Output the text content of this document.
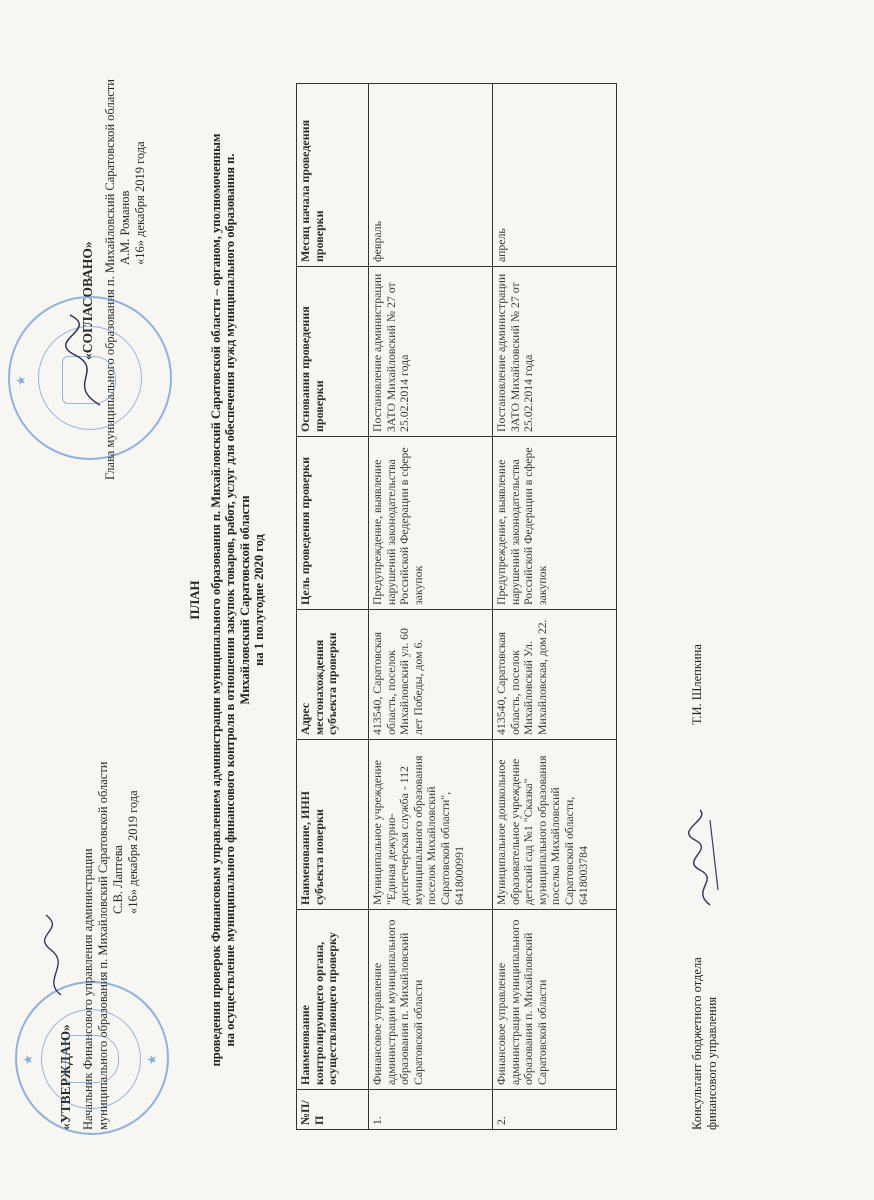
«УТВЕРЖДАЮ» Начальник Финансового управления администрации муниципального образования п. Михайловский Саратовской области С.В. Лаптева «16» декабря 2019 года
★	★
«СОГЛАСОВАНО» Глава муниципального образования п. Михайловский Саратовской области А.М. Романов «16» декабря 2019 года
★
ПЛАН проведения проверок Финансовым управлением администрации муниципального образования п. Михайловский Саратовской области – органом, уполномоченным на осуществление муниципального финансового контроля в отношении закупок товаров, работ, услуг для обеспечения нужд муниципального образования п. Михайловский Саратовской области на 1 полугодие 2020 год
№П/П	Наименование контролирующего органа, осуществляющего проверку	Наименование, ИНН субъекта поверки	Адрес местонахождения субъекта проверки	Цель проведения проверки	Основания проведения проверки	Месяц начала проведения проверки
1.	Финансовое управление администрации муниципального образования п. Михайловский Саратовской области	Муниципальное учреждение "Единая дежурно-диспетчерская служба - 112 муниципального образования поселок Михайловский Саратовской области", 6418000991	413540, Саратовская область, поселок Михайловский ул. 60 лет Победы, дом 6.	Предупреждение, выявление нарушений законодательства Российской Федерации в сфере закупок	Постановление администрации ЗАТО Михайловский № 27 от 25.02.2014 года	февраль
2.	Финансовое управление администрации муниципального образования п. Михайловский Саратовской области	Муниципальное дошкольное образовательное учреждение детский сад №1 "Сказка" муниципального образования поселка Михайловский Саратовской области, 6418003784	413540, Саратовская область, поселок Михайловский Ул. Михайловская, дом 22.	Предупреждение, выявление нарушений законодательства Российской Федерации в сфере закупок	Постановление администрации ЗАТО Михайловский № 27 от 25.02.2014 года	апрель
Консультант бюджетного отдела финансового управления
Т.И. Шлепкина
